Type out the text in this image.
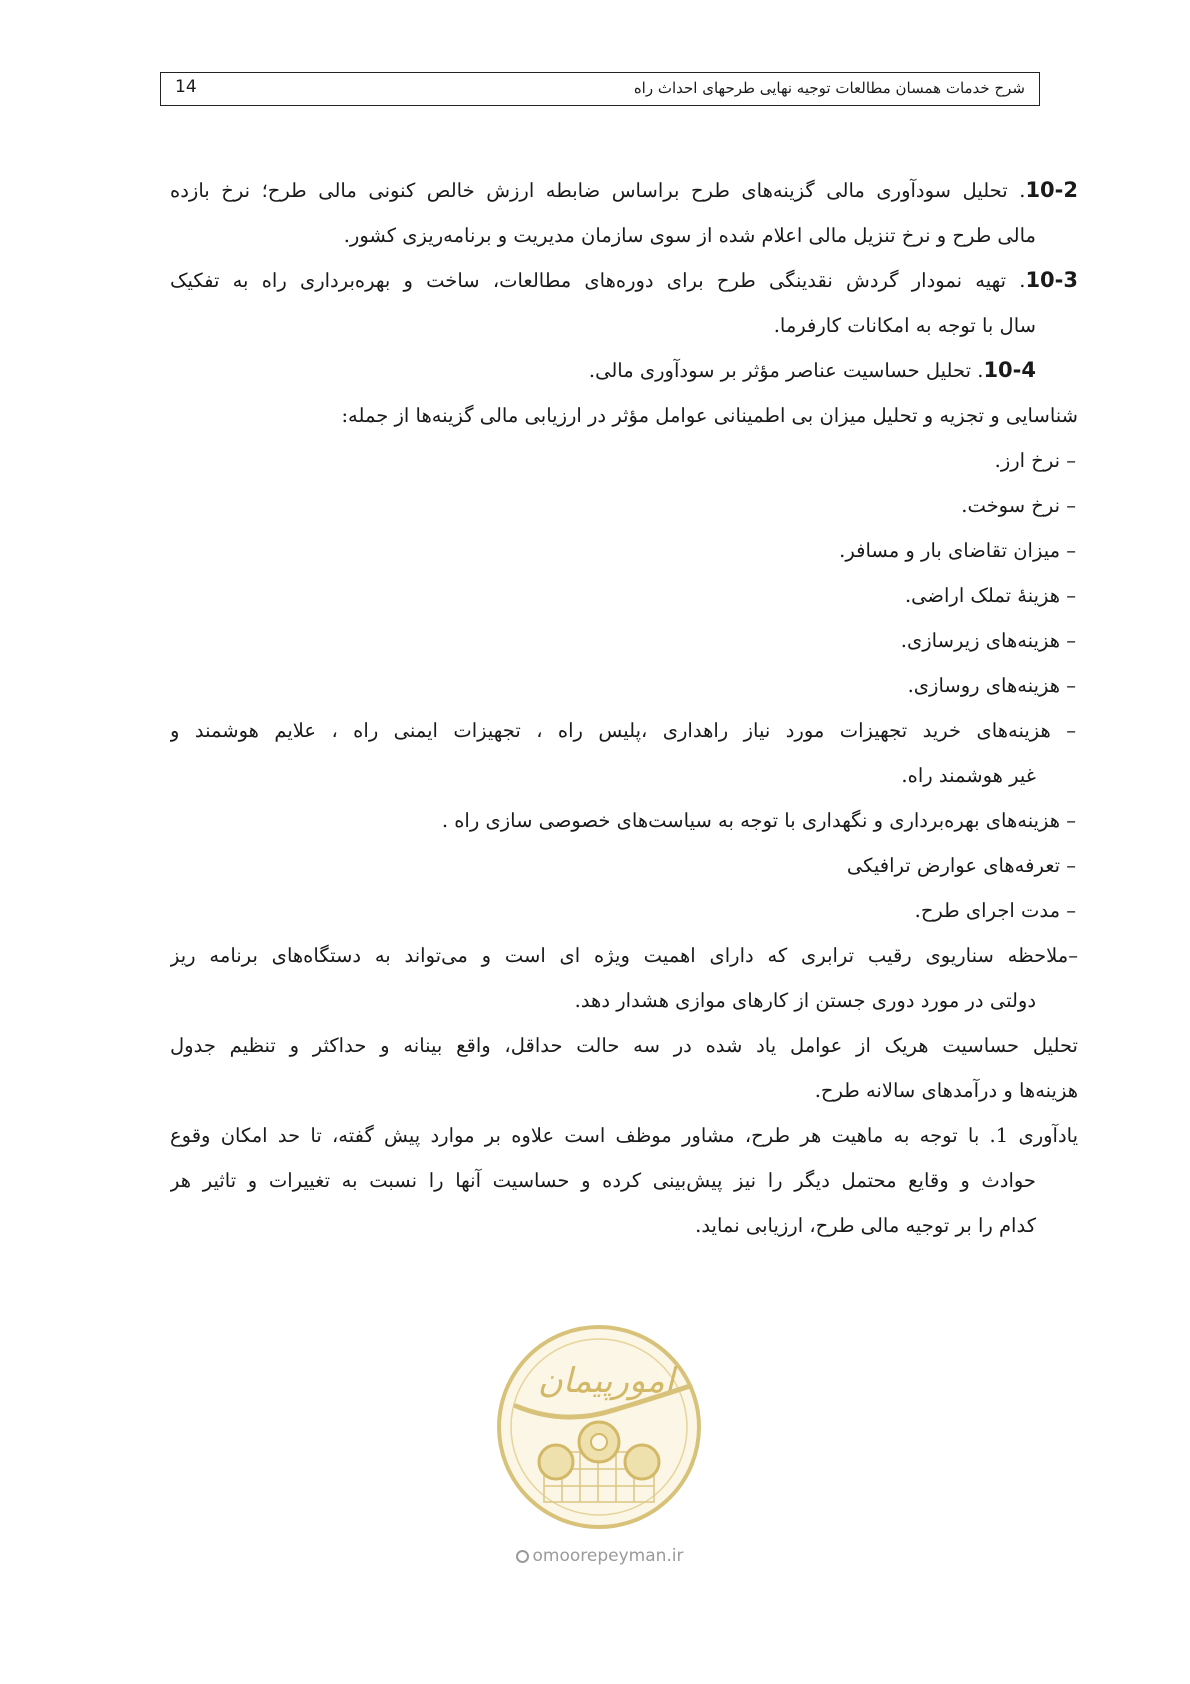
شرح خدمات همسان مطالعات توجیه نهایی طرحهای احداث راه
14
10-2. تحلیل سودآوری مالی گزینه‌های طرح براساس ضابطه ارزش خالص کنونی مالی طرح؛ نرخ بازده
مالی طرح و نرخ تنزیل مالی اعلام شده از سوی سازمان مدیریت و برنامه‌ریزی کشور.
10-3. تهیه نمودار گردش نقدینگی طرح برای دوره‌های مطالعات، ساخت و بهره‌برداری راه به تفکیک
سال با توجه به امکانات کارفرما.
10-4. تحلیل حساسیت عناصر مؤثر بر سودآوری مالی.
شناسایی و تجزیه و تحلیل میزان بی اطمینانی عوامل مؤثر در ارزیابی مالی گزینه‌ها از جمله:
– نرخ ارز.
– نرخ سوخت.
– میزان تقاضای بار و مسافر.
– هزینهٔ تملک اراضی.
– هزینه‌های زیرسازی.
– هزینه‌های روسازی.
– هزینه‌های خرید تجهیزات مورد نیاز راهداری ،پلیس راه ، تجهیزات ایمنی راه ، علایم هوشمند و
غیر هوشمند راه.
– هزینه‌های بهره‌برداری و نگهداری با توجه به سیاست‌های خصوصی سازی راه .
– تعرفه‌های عوارض ترافیکی
– مدت اجرای طرح.
–ملاحظه سناریوی رقیب ترابری که دارای اهمیت ویژه ای است و می‌تواند به دستگاه‌های برنامه ریز
دولتی در مورد دوری جستن از کارهای موازی هشدار دهد.
تحلیل حساسیت هریک از عوامل یاد شده در سه حالت حداقل، واقع بینانه و حداکثر و تنظیم جدول
هزینه‌ها و درآمدهای سالانه طرح.
یادآوری 1. با توجه به ماهیت هر طرح، مشاور موظف است علاوه بر موارد پیش گفته، تا حد امکان وقوع
حوادث و وقایع محتمل دیگر را نیز پیش‌بینی کرده و حساسیت آنها را نسبت به تغییرات و تاثیر هر
کدام را بر توجیه مالی طرح، ارزیابی نماید.
امورپیمان
omoorepeyman.ir
